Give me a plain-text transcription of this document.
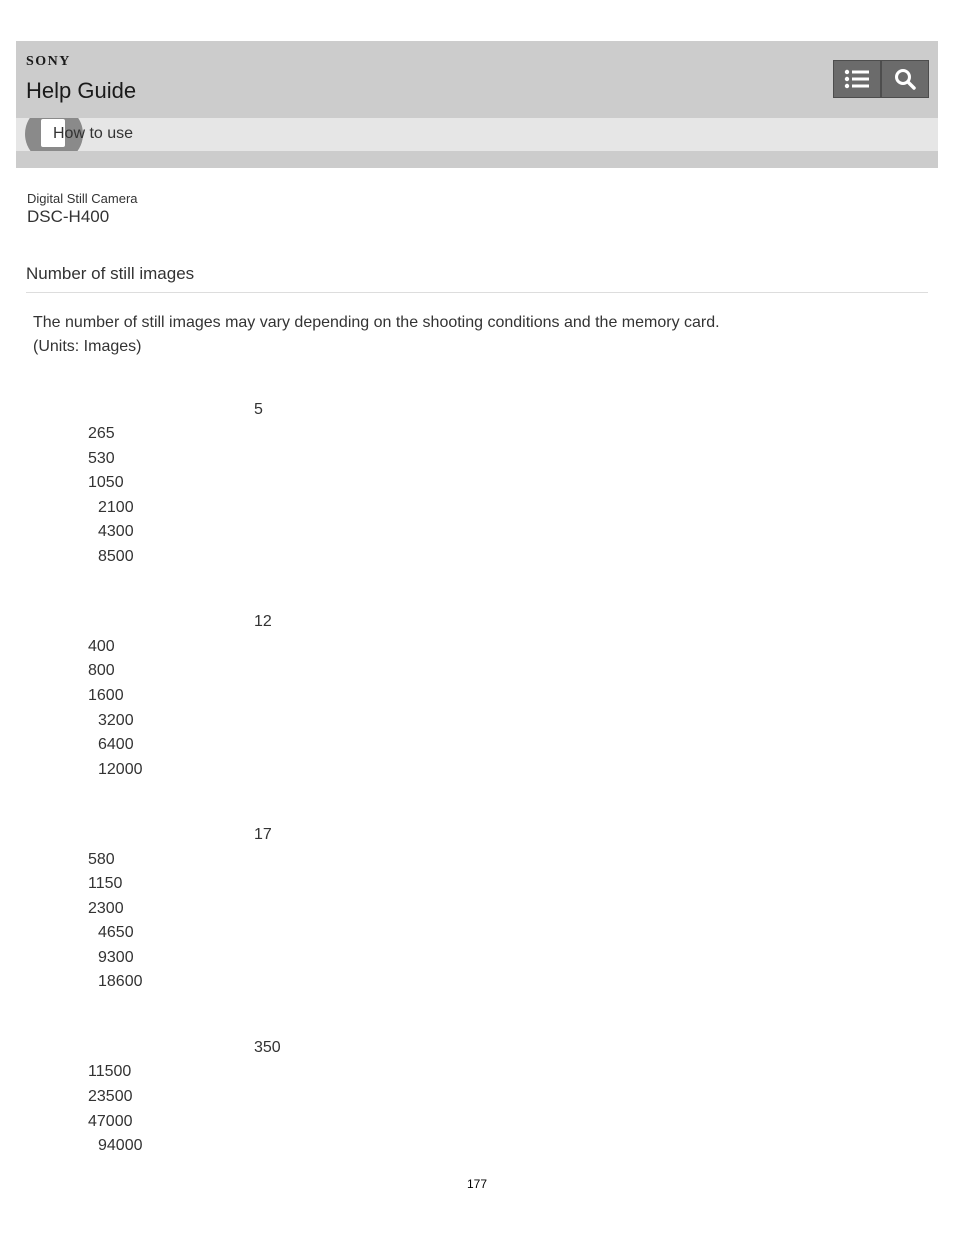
SONY
Help Guide
How to use
Digital Still Camera
DSC-H400
Number of still images
The number of still images may vary depending on the shooting conditions and the memory card.
(Units: Images)
5
265
530
1050
2100
4300
8500
12
400
800
1600
3200
6400
12000
17
580
1150
2300
4650
9300
18600
350
11500
23500
47000
94000
177
